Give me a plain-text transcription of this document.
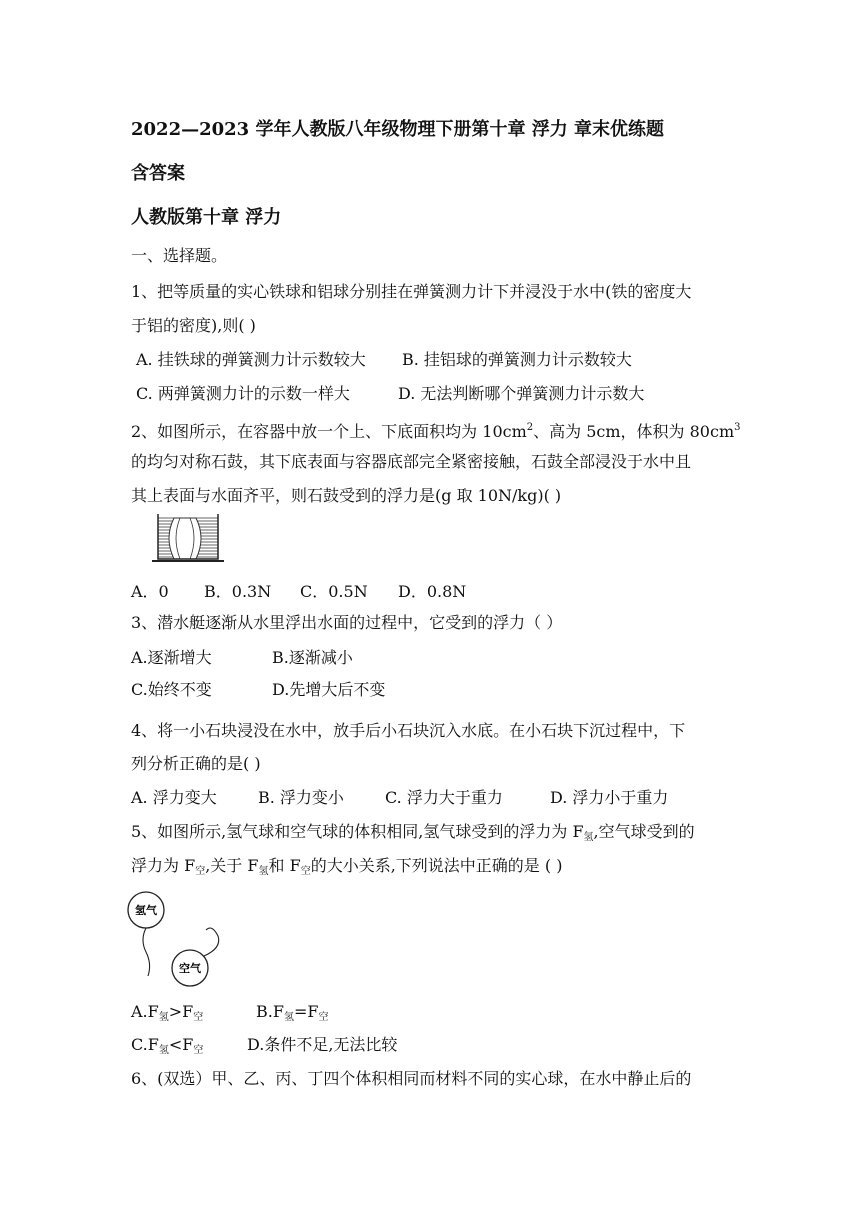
2022—2023 学年人教版八年级物理下册第十章 浮力 章末优练题
含答案
人教版第十章 浮力
一、选择题。
1、把等质量的实心铁球和铝球分别挂在弹簧测力计下并浸没于水中(铁的密度大
于铝的密度),则( )
A. 挂铁球的弹簧测力计示数较大 B. 挂铝球的弹簧测力计示数较大
C. 两弹簧测力计的示数一样大	D. 无法判断哪个弹簧测力计示数大
2、如图所示，在容器中放一个上、下底面积均为 $10cm^2$、高为 5cm，体积为 $80cm^3$
的均匀对称石鼓，其下底表面与容器底部完全紧密接触，石鼓全部浸没于水中且
其上表面与水面齐平，则石鼓受到的浮力是(g 取 10N/kg)( )
A．0 B．0.3N C．0.5N D．0.8N
3、潜水艇逐渐从水里浮出水面的过程中，它受到的浮力（ ）
A.逐渐增大	B.逐渐减小
C.始终不变	D.先增大后不变
4、将一小石块浸没在水中，放手后小石块沉入水底。在小石块下沉过程中，下
列分析正确的是( )
A. 浮力变大	B. 浮力变小	C. 浮力大于重力	D. 浮力小于重力
5、如图所示,氢气球和空气球的体积相同,氢气球受到的浮力为 $F_氢$,空气球受到的
浮力为 $F_空$,关于 $F_氢$和 $F_空$的大小关系,下列说法中正确的是 ( )
氢气
空气
$A.F_氢>F_空$	$B.F_氢=F_空$
$C.F_氢<F_空$	D.条件不足,无法比较
6、(双选）甲、乙、丙、丁四个体积相同而材料不同的实心球，在水中静止后的
